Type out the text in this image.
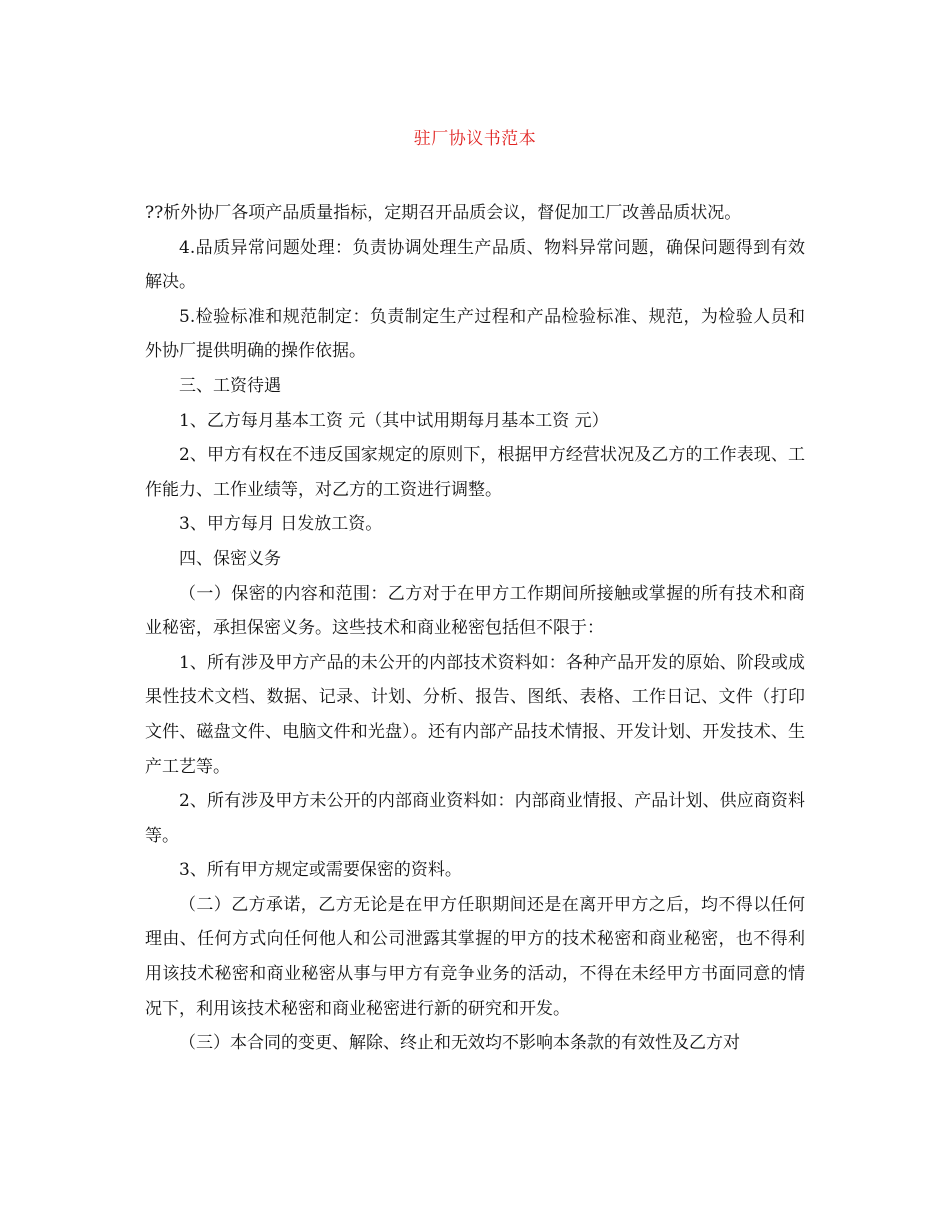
驻厂协议书范本

??析外协厂各项产品质量指标，定期召开品质会议，督促加工厂改善品质状况。

4.品质异常问题处理：负责协调处理生产品质、物料异常问题，确保问题得到有效解决。

5.检验标准和规范制定：负责制定生产过程和产品检验标准、规范，为检验人员和外协厂提供明确的操作依据。

三、工资待遇

1、乙方每月基本工资 元（其中试用期每月基本工资 元）

2、甲方有权在不违反国家规定的原则下，根据甲方经营状况及乙方的工作表现、工作能力、工作业绩等，对乙方的工资进行调整。

3、甲方每月 日发放工资。

四、保密义务

（一）保密的内容和范围：乙方对于在甲方工作期间所接触或掌握的所有技术和商业秘密，承担保密义务。这些技术和商业秘密包括但不限于：

1、所有涉及甲方产品的未公开的内部技术资料如：各种产品开发的原始、阶段或成果性技术文档、数据、记录、计划、分析、报告、图纸、表格、工作日记、文件（打印文件、磁盘文件、电脑文件和光盘）。还有内部产品技术情报、开发计划、开发技术、生产工艺等。

2、所有涉及甲方未公开的内部商业资料如：内部商业情报、产品计划、供应商资料等。

3、所有甲方规定或需要保密的资料。

（二）乙方承诺，乙方无论是在甲方任职期间还是在离开甲方之后，均不得以任何理由、任何方式向任何他人和公司泄露其掌握的甲方的技术秘密和商业秘密，也不得利用该技术秘密和商业秘密从事与甲方有竞争业务的活动，不得在未经甲方书面同意的情况下，利用该技术秘密和商业秘密进行新的研究和开发。

（三）本合同的变更、解除、终止和无效均不影响本条款的有效性及乙方对
